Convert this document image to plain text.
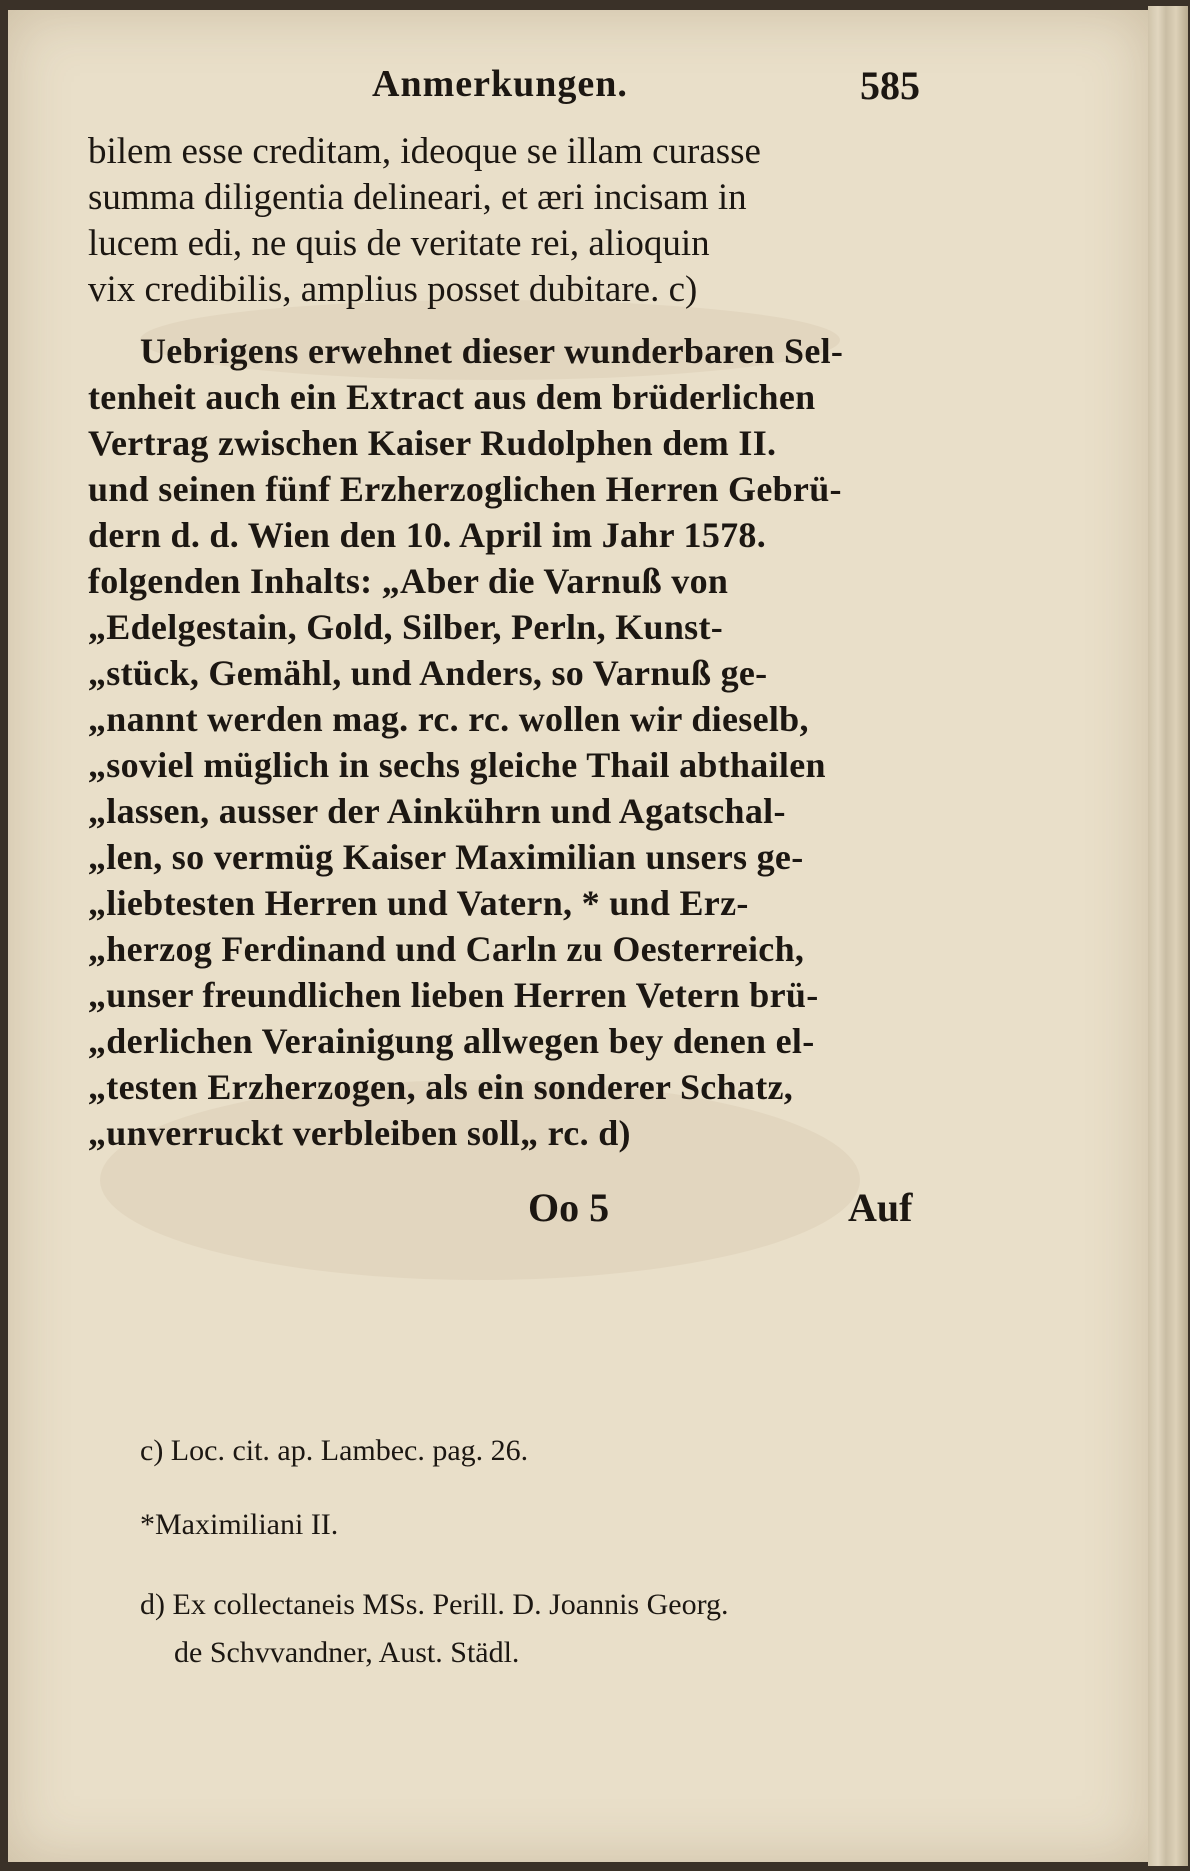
Anmerkungen.	585
bilem esse creditam, ideoque se illam curasse
summa diligentia delineari, et æri incisam in
lucem edi, ne quis de veritate rei, alioquin
vix credibilis, amplius posset dubitare. c)
Uebrigens erwehnet dieser wunderbaren Sel-
tenheit auch ein Extract aus dem brüderlichen
Vertrag zwischen Kaiser Rudolphen dem II.
und seinen fünf Erzherzoglichen Herren Gebrü-
dern d. d. Wien den 10. April im Jahr 1578.
folgenden Inhalts: „Aber die Varnuß von
„Edelgestain, Gold, Silber, Perln, Kunst-
„stück, Gemähl, und Anders, so Varnuß ge-
„nannt werden mag. rc. rc. wollen wir dieselb,
„soviel müglich in sechs gleiche Thail abthailen
„lassen, ausser der Ainkührn und Agatschal-
„len, so vermüg Kaiser Maximilian unsers ge-
„liebtesten Herren und Vatern, * und Erz-
„herzog Ferdinand und Carln zu Oesterreich,
„unser freundlichen lieben Herren Vetern brü-
„derlichen Verainigung allwegen bey denen el-
„testen Erzherzogen, als ein sonderer Schatz,
„unverruckt verbleiben soll„ rc. d)
Oo 5	Auf
c) Loc. cit. ap. Lambec. pag. 26.
*Maximiliani II.
d) Ex collectaneis MSs. Perill. D. Joannis Georg.
de Schvvandner, Aust. Städl.
